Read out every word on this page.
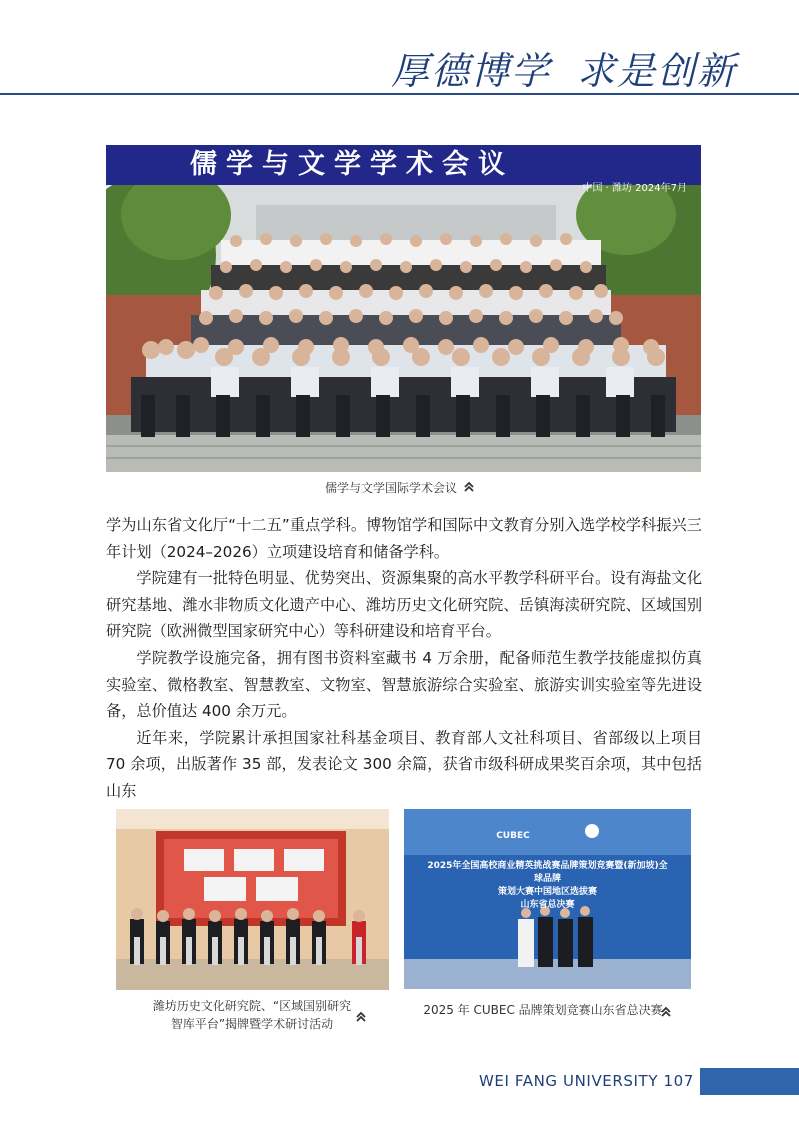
厚德博学 求是创新
儒学与文学学术会议
中国 · 潍坊 2024年7月
儒学与文学国际学术会议

学为山东省文化厅“十二五”重点学科。博物馆学和国际中文教育分别入选学校学科振兴三年计划（2024–2026）立项建设培育和储备学科。

学院建有一批特色明显、优势突出、资源集聚的高水平教学科研平台。设有海盐文化研究基地、潍水非物质文化遗产中心、潍坊历史文化研究院、岳镇海渎研究院、区域国别研究院（欧洲微型国家研究中心）等科研建设和培育平台。

学院教学设施完备，拥有图书资料室藏书 4 万余册，配备师范生教学技能虚拟仿真实验室、微格教室、智慧教室、文物室、智慧旅游综合实验室、旅游实训实验室等先进设备，总价值达 400 余万元。

近年来，学院累计承担国家社科基金项目、教育部人文社科项目、省部级以上项目 70 余项，出版著作 35 部，发表论文 300 余篇，获省市级科研成果奖百余项，其中包括山东

潍坊历史文化研究院、“区域国别研究
智库平台”揭牌暨学术研讨活动
CUBEC
2025年全国高校商业精英挑战赛品牌策划竞赛暨(新加坡)全球品牌
策划大赛中国地区选拔赛
山东省总决赛
2025 年 CUBEC 品牌策划竞赛山东省总决赛
WEI FANG UNIVERSITY 107
